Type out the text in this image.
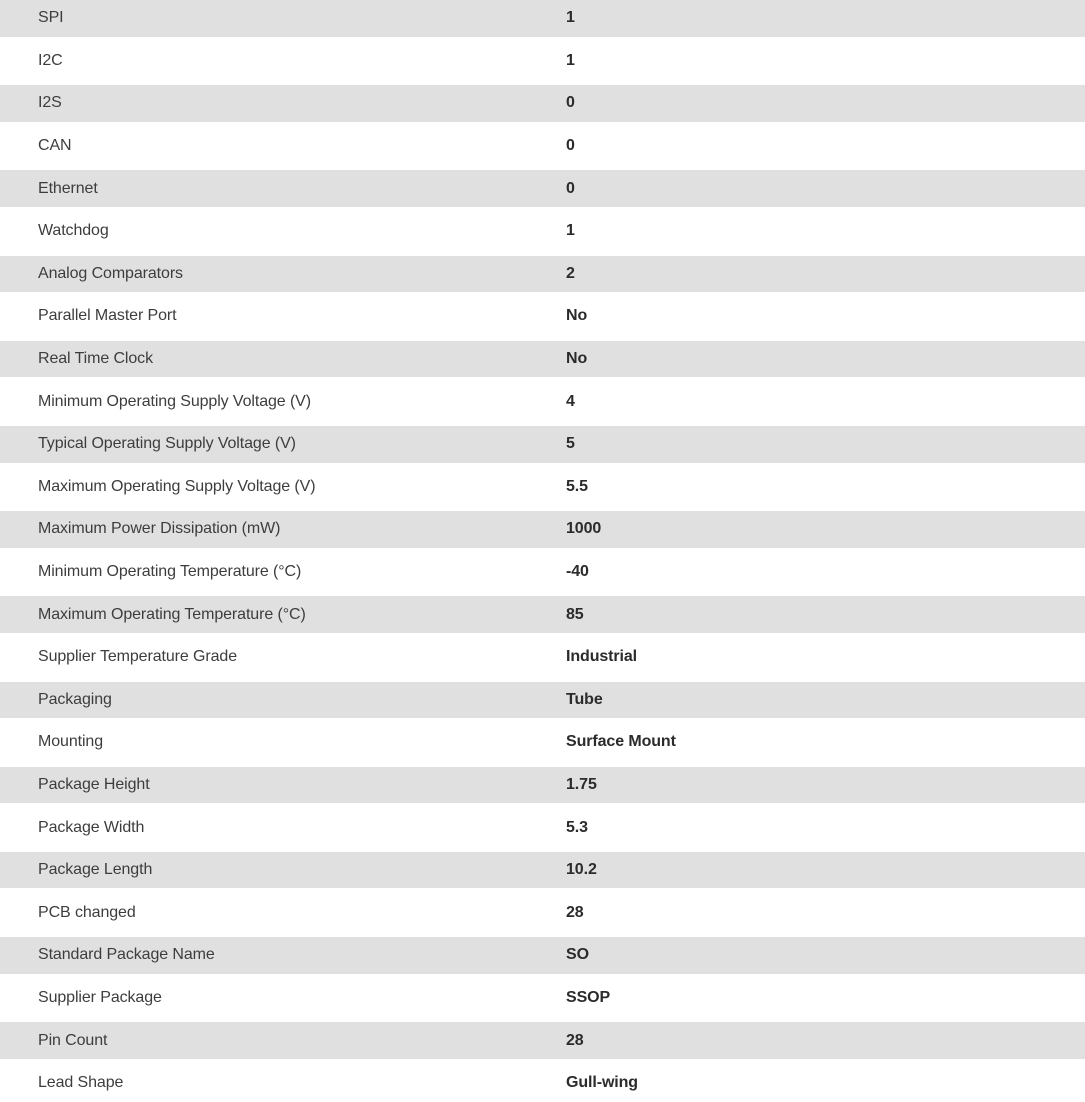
SPI	1
I2C	1
I2S	0
CAN	0
Ethernet	0
Watchdog	1
Analog Comparators	2
Parallel Master Port	No
Real Time Clock	No
Minimum Operating Supply Voltage (V)	4
Typical Operating Supply Voltage (V)	5
Maximum Operating Supply Voltage (V)	5.5
Maximum Power Dissipation (mW)	1000
Minimum Operating Temperature (°C)	-40
Maximum Operating Temperature (°C)	85
Supplier Temperature Grade	Industrial
Packaging	Tube
Mounting	Surface Mount
Package Height	1.75
Package Width	5.3
Package Length	10.2
PCB changed	28
Standard Package Name	SO
Supplier Package	SSOP
Pin Count	28
Lead Shape	Gull-wing
